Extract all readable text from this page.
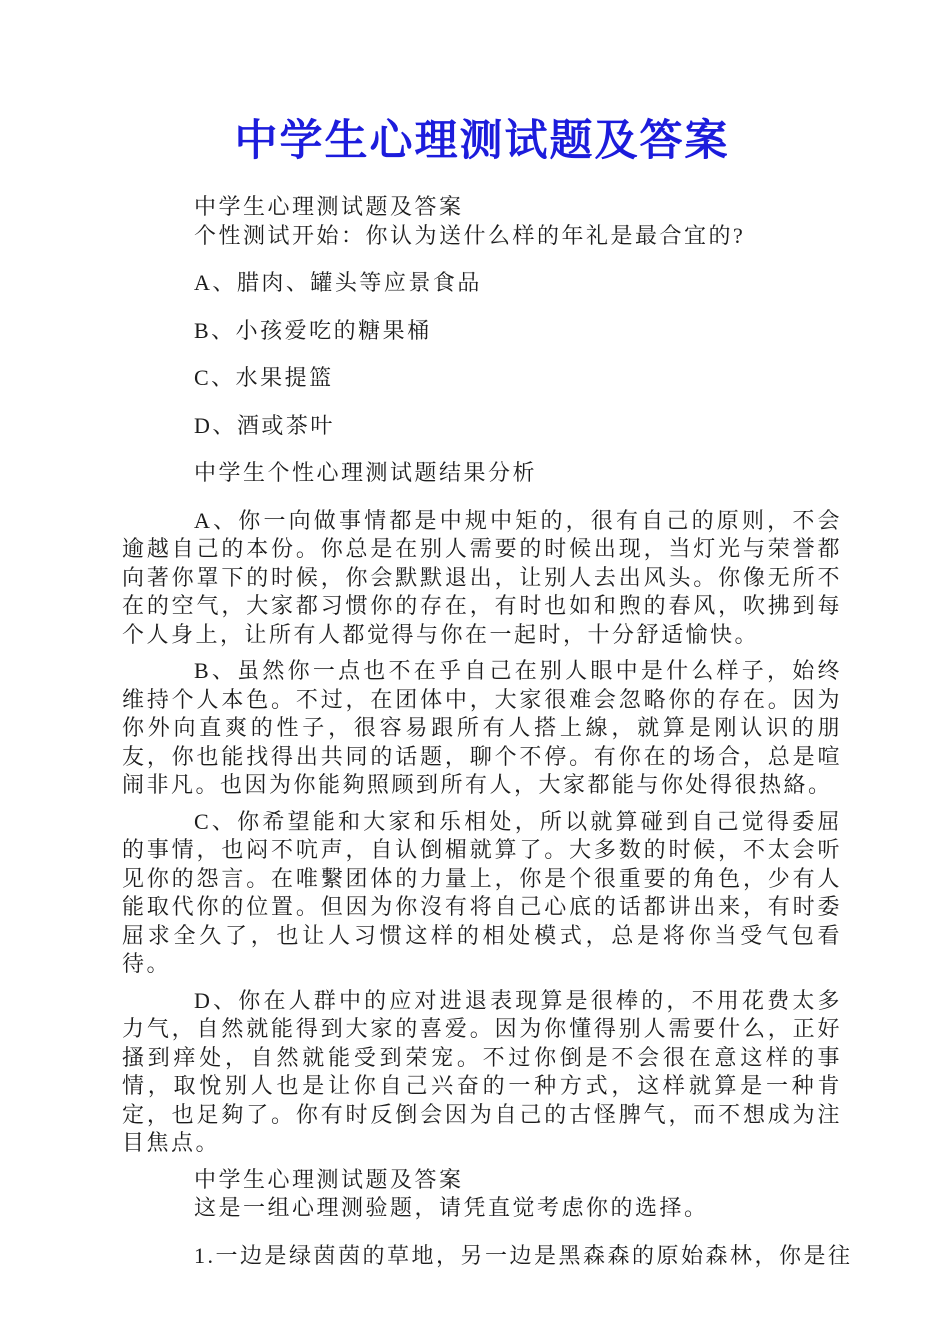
中学生心理测试题及答案

中学生心理测试题及答案

个性测试开始：你认为送什么样的年礼是最合宜的?

A、腊肉、罐头等应景食品

B、小孩爱吃的糖果桶

C、水果提篮

D、酒或茶叶

中学生个性心理测试题结果分析

A、你一向做事情都是中规中矩的，很有自己的原则，不会逾越自己的本份。你总是在别人需要的时候出现，当灯光与荣誉都向著你罩下的时候，你会默默退出，让别人去出风头。你像无所不在的空气，大家都习惯你的存在，有时也如和煦的春风，吹拂到每个人身上，让所有人都觉得与你在一起时，十分舒适愉快。

B、虽然你一点也不在乎自己在别人眼中是什么样子，始终维持个人本色。不过，在团体中，大家很难会忽略你的存在。因为你外向直爽的性子，很容易跟所有人搭上線，就算是刚认识的朋友，你也能找得出共同的话题，聊个不停。有你在的场合，总是喧闹非凡。也因为你能夠照顾到所有人，大家都能与你处得很热絡。

C、你希望能和大家和乐相处，所以就算碰到自己觉得委屈的事情，也闷不吭声，自认倒楣就算了。大多数的时候，不太会听见你的怨言。在唯繫团体的力量上，你是个很重要的角色，少有人能取代你的位置。但因为你沒有将自己心底的话都讲出来，有时委屈求全久了，也让人习惯这样的相处模式，总是将你当受气包看待。

D、你在人群中的应对进退表现算是很棒的，不用花费太多力气，自然就能得到大家的喜爱。因为你懂得别人需要什么，正好搔到痒处，自然就能受到荣宠。不过你倒是不会很在意这样的事情，取悅别人也是让你自己兴奋的一种方式，这样就算是一种肯定，也足夠了。你有时反倒会因为自己的古怪脾气，而不想成为注目焦点。

中学生心理测试题及答案

这是一组心理测验题，请凭直觉考虑你的选择。

1.一边是绿茵茵的草地，另一边是黑森森的原始森林，你是往
